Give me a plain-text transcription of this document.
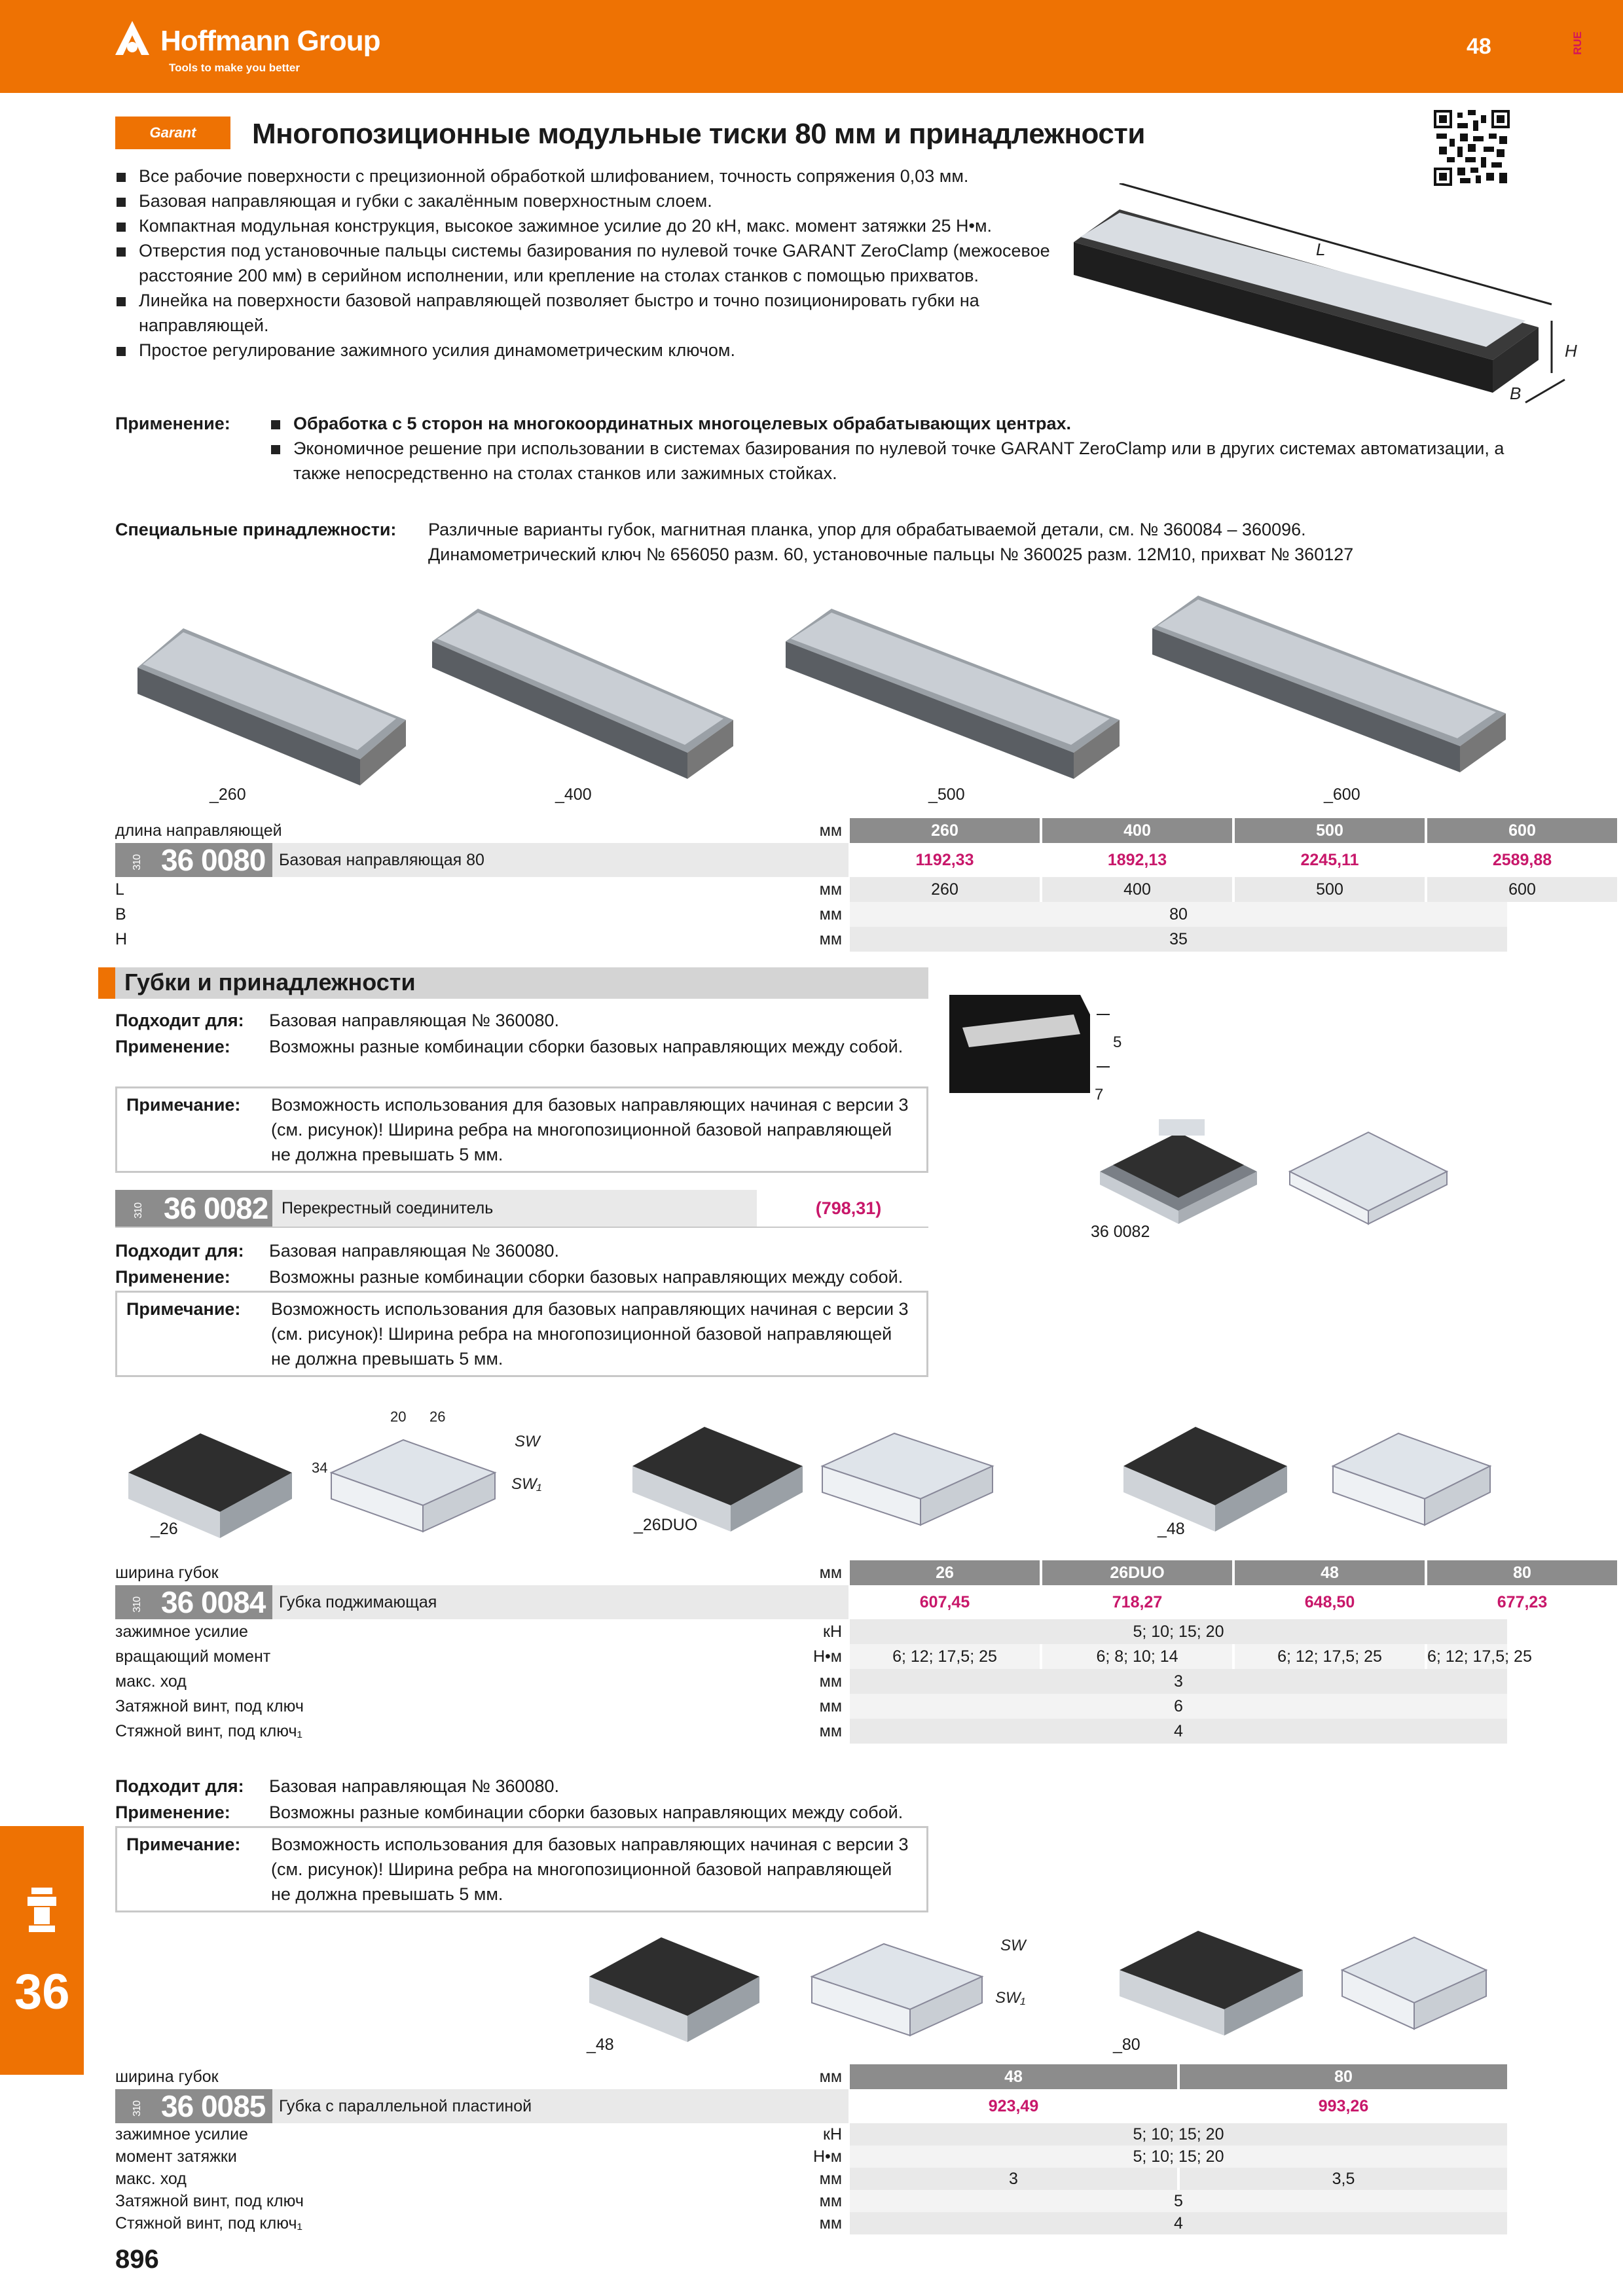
Hoffmann Group
Tools to make you better
48	RUE
Garant Многопозиционные модульные тиски 80 мм и принадлежности

Все рабочие поверхности с прецизионной обработкой шлифованием, точность сопряжения 0,03 мм.

Базовая направляющая и губки с закалённым поверхностным слоем.

Компактная модульная конструкция, высокое зажимное усилие до 20 кН, макс. момент затяжки 25 Н•м.

Отверстия под установочные пальцы системы базирования по нулевой точке GARANT ZeroClamp (межосевое расстояние 200 мм) в серийном исполнении, или крепление на столах станков с помощью прихватов.

Линейка на поверхности базовой направляющей позволяет быстро и точно позиционировать губки на направляющей.

Простое регулирование зажимного усилия динамометрическим ключом.

L
H
B
Применение:	Обработка с 5 сторон на многокоординатных многоцелевых обрабатывающих центрах.

Экономичное решение при использовании в системах базирования по нулевой точке GARANT ZeroClamp или в других системах автоматизации, а также непосредственно на столах станков или зажимных стойках.

Специальные принадлежности: Различные варианты губок, магнитная планка, упор для обрабатываемой детали, см. № 360084 – 360096.
Динамометрический ключ № 656050 разм. 60, установочные пальцы № 360025 разм. 12М10, прихват № 360127
_260	_400	_500	_600
длина направляющей	мм	260	400	500	600
310 36 0080 Базовая направляющая 80	1192,33	1892,13	2245,11	2589,88
L	мм	260	400	500	600
B	мм	80
H	мм	35
Губки и принадлежности
Подходит для: Базовая направляющая № 360080.
Применение: Возможны разные комбинации сборки базовых направляющих между собой.
Примечание: Возможность использования для базовых направляющих начиная с версии 3 (см. рисунок)! Ширина ребра на многопозиционной базовой направляющей не должна превышать 5 мм.
310 36 0082 Перекрестный соединитель	(798,31)
5
7
36 0082
Подходит для: Базовая направляющая № 360080.
Применение: Возможны разные комбинации сборки базовых направляющих между собой.
Примечание: Возможность использования для базовых направляющих начиная с версии 3 (см. рисунок)! Ширина ребра на многопозиционной базовой направляющей не должна превышать 5 мм.
20 26
34
SW
SW₁
_26	_26DUO	_48
ширина губок	мм	26	26DUO	48	80
310 36 0084 Губка поджимающая	607,45	718,27	648,50	677,23
зажимное усилие	кН	5; 10; 15; 20
вращающий момент	Н•м	6; 12; 17,5; 25	6; 8; 10; 14	6; 12; 17,5; 25	6; 12; 17,5; 25
макс. ход	мм	3
Затяжной винт, под ключ	мм	6
Стяжной винт, под ключ₁	мм	4
Подходит для: Базовая направляющая № 360080.
Применение: Возможны разные комбинации сборки базовых направляющих между собой.
Примечание: Возможность использования для базовых направляющих начиная с версии 3 (см. рисунок)! Ширина ребра на многопозиционной базовой направляющей не должна превышать 5 мм.
SW
SW₁
_48	_80
ширина губок	мм	48	80
310 36 0085 Губка с параллельной пластиной	923,49	993,26
зажимное усилие	кН	5; 10; 15; 20
момент затяжки	Н•м	5; 10; 15; 20
макс. ход	мм	3	3,5
Затяжной винт, под ключ	мм	5
Стяжной винт, под ключ₁	мм	4
36
896
